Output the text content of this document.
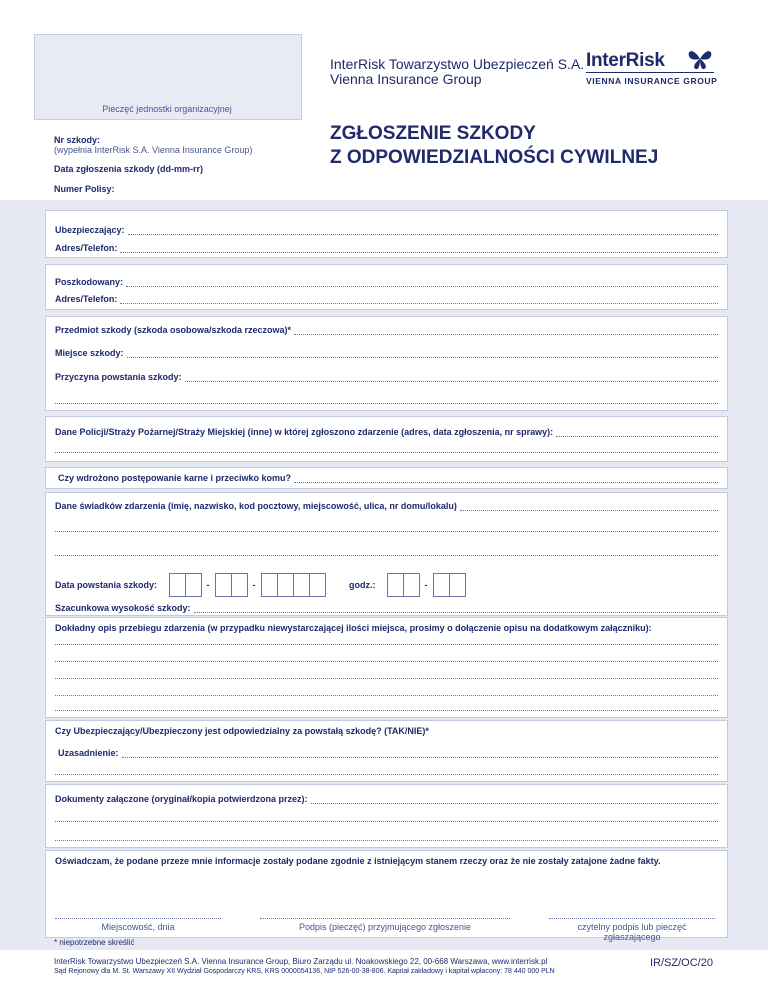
Pieczęć jednostki organizacyjnej
InterRisk Towarzystwo Ubezpieczeń S.A.
Vienna Insurance Group
InterRisk
VIENNA INSURANCE GROUP
Nr szkody:
(wypełnia InterRisk S.A. Vienna Insurance Group)
Data zgłoszenia szkody (dd-mm-rr)
Numer Polisy:
ZGŁOSZENIE SZKODY
Z ODPOWIEDZIALNOŚCI CYWILNEJ
Ubezpieczający:
Adres/Telefon:
Poszkodowany:
Adres/Telefon:
Przedmiot szkody (szkoda osobowa/szkoda rzeczowa)*
Miejsce szkody:
Przyczyna powstania szkody:
Dane Policji/Straży Pożarnej/Straży Miejskiej (inne) w której zgłoszono zdarzenie (adres, data zgłoszenia, nr sprawy):
Czy wdrożono postępowanie karne i przeciwko komu?
Dane świadków zdarzenia (imię, nazwisko, kod pocztowy, miejscowość, ulica, nr domu/lokalu)
Data powstania szkody:	-	-	godz.:	-
Szacunkowa wysokość szkody:
Dokładny opis przebiegu zdarzenia (w przypadku niewystarczającej ilości miejsca, prosimy o dołączenie opisu na dodatkowym załączniku):
Czy Ubezpieczający/Ubezpieczony jest odpowiedzialny za powstałą szkodę? (TAK/NIE)*
Uzasadnienie:
Dokumenty załączone (oryginał/kopia potwierdzona przez):
Oświadczam, że podane przeze mnie informacje zostały podane zgodnie z istniejącym stanem rzeczy oraz że nie zostały zatajone żadne fakty.
Miejscowość, dnia	Podpis (pieczęć) przyjmującego zgłoszenie	czytelny podpis lub pieczęć zgłaszającego
* niepotrzebne skreślić
InterRisk Towarzystwo Ubezpieczeń S.A. Vienna Insurance Group, Biuro Zarządu ul. Noakowskiego 22, 00-668 Warszawa, www.interrisk.pl
Sąd Rejonowy dla M. St. Warszawy XII Wydział Gospodarczy KRS, KRS 0000054136, NIP 526-00-38-806. Kapitał zakładowy i kapitał wpłacony: 78 440 000 PLN
IR/SZ/OC/20
